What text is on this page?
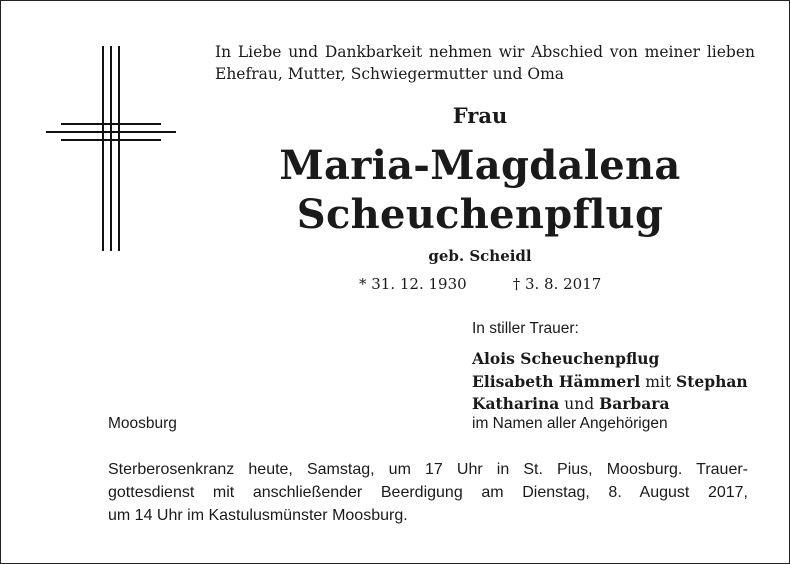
In Liebe und Dankbarkeit nehmen wir Abschied von meiner lieben Ehefrau, Mutter, Schwiegermutter und Oma
Frau
Maria-Magdalena
Scheuchenpflug
geb. Scheidl
* 31. 12. 1930	† 3. 8. 2017
In stiller Trauer:
Alois Scheuchenpflug
Elisabeth Hämmerl mit Stephan
Katharina und Barbara
Moosburg	im Namen aller Angehörigen
Sterberosenkranz heute, Samstag, um 17 Uhr in St. Pius, Moosburg. Trauer-
gottesdienst mit anschließender Beerdigung am Dienstag, 8. August 2017,
um 14 Uhr im Kastulusmünster Moosburg.
